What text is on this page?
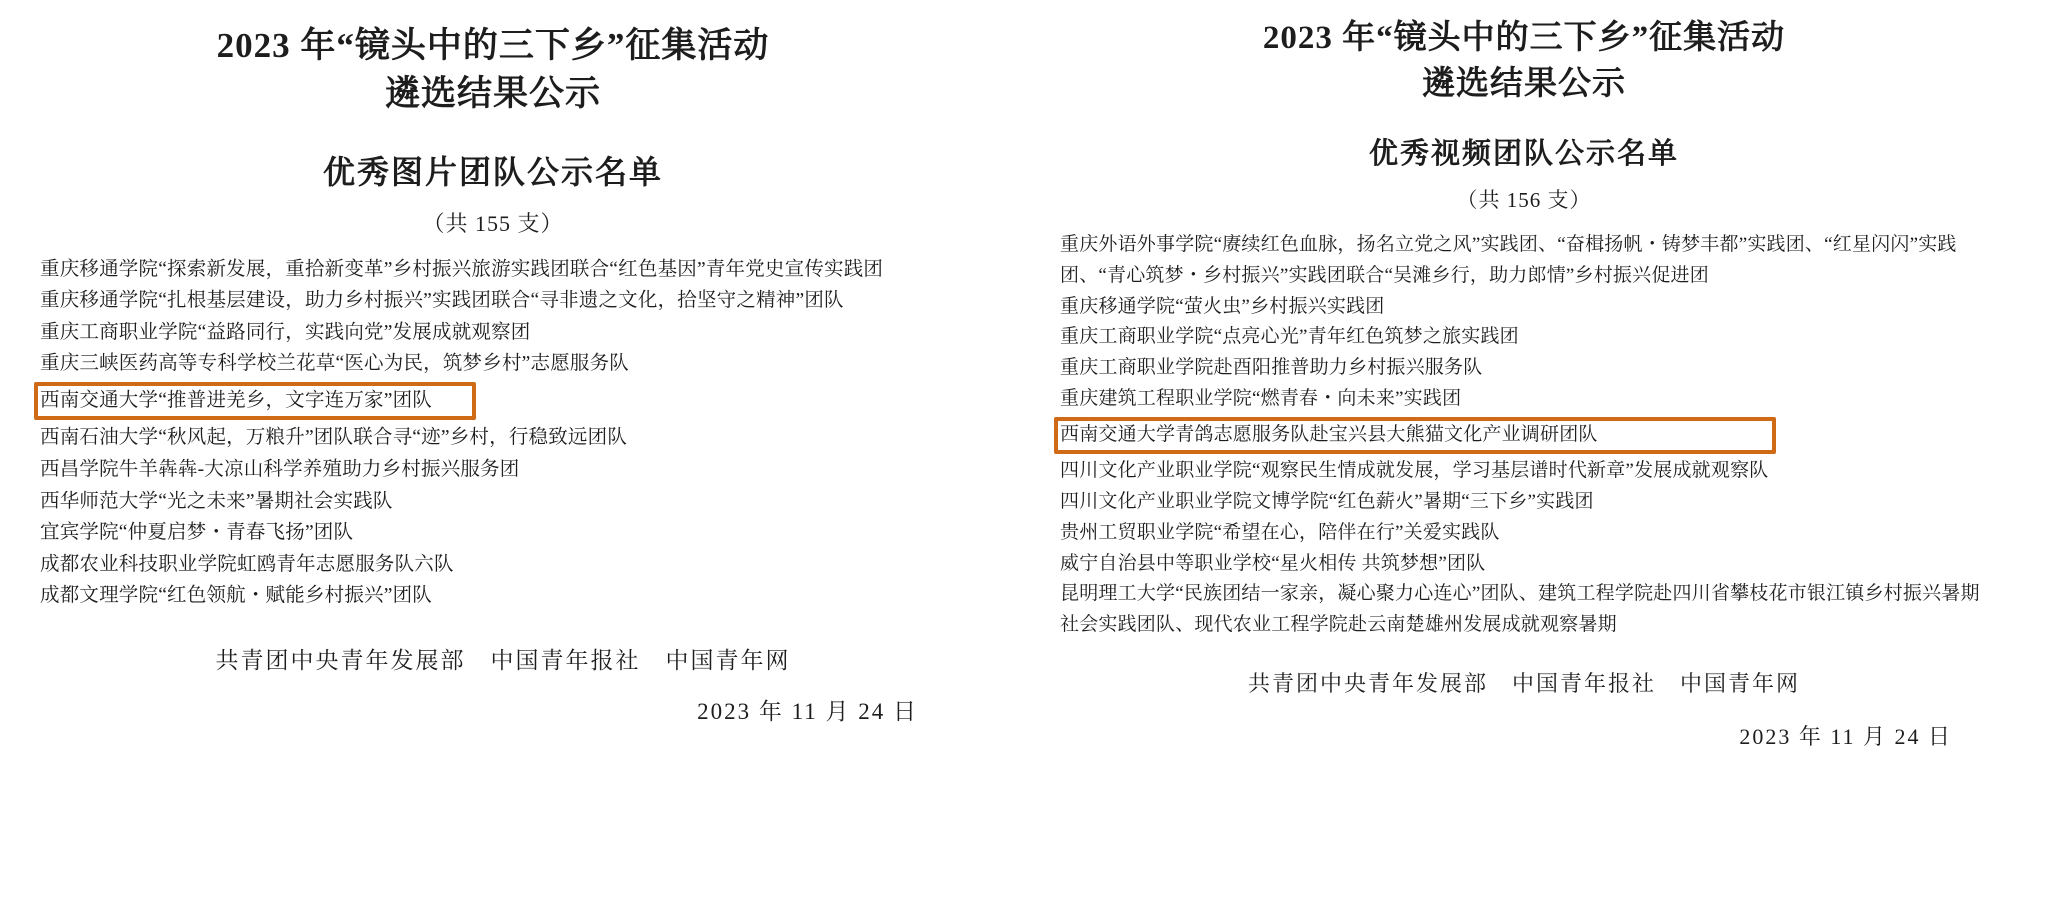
2023 年“镜头中的三下乡”征集活动
遴选结果公示
优秀图片团队公示名单
（共 155 支）
重庆移通学院“探索新发展，重拾新变革”乡村振兴旅游实践团联合“红色基因”青年党史宣传实践团
重庆移通学院“扎根基层建设，助力乡村振兴”实践团联合“寻非遗之文化，拾坚守之精神”团队
重庆工商职业学院“益路同行，实践向党”发展成就观察团
重庆三峡医药高等专科学校兰花草“医心为民，筑梦乡村”志愿服务队
西南交通大学“推普进羌乡，文字连万家”团队
西南石油大学“秋风起，万粮升”团队联合寻“迹”乡村，行稳致远团队
西昌学院牛羊犇犇-大凉山科学养殖助力乡村振兴服务团
西华师范大学“光之未来”暑期社会实践队
宜宾学院“仲夏启梦・青春飞扬”团队
成都农业科技职业学院虹鸥青年志愿服务队六队
成都文理学院“红色领航・赋能乡村振兴”团队
共青团中央青年发展部　中国青年报社　中国青年网
2023 年 11 月 24 日
2023 年“镜头中的三下乡”征集活动
遴选结果公示
优秀视频团队公示名单
（共 156 支）
重庆外语外事学院“赓续红色血脉，扬名立党之风”实践团、“奋楫扬帆・铸梦丰都”实践团、“红星闪闪”实践团、“青心筑梦・乡村振兴”实践团联合“吴滩乡行，助力郎情”乡村振兴促进团
重庆移通学院“萤火虫”乡村振兴实践团
重庆工商职业学院“点亮心光”青年红色筑梦之旅实践团
重庆工商职业学院赴酉阳推普助力乡村振兴服务队
重庆建筑工程职业学院“燃青春・向未来”实践团
西南交通大学青鸽志愿服务队赴宝兴县大熊猫文化产业调研团队
四川文化产业职业学院“观察民生情成就发展，学习基层谱时代新章”发展成就观察队
四川文化产业职业学院文博学院“红色薪火”暑期“三下乡”实践团
贵州工贸职业学院“希望在心，陪伴在行”关爱实践队
威宁自治县中等职业学校“星火相传 共筑梦想”团队
昆明理工大学“民族团结一家亲，凝心聚力心连心”团队、建筑工程学院赴四川省攀枝花市银江镇乡村振兴暑期社会实践团队、现代农业工程学院赴云南楚雄州发展成就观察暑期
共青团中央青年发展部　中国青年报社　中国青年网
2023 年 11 月 24 日
